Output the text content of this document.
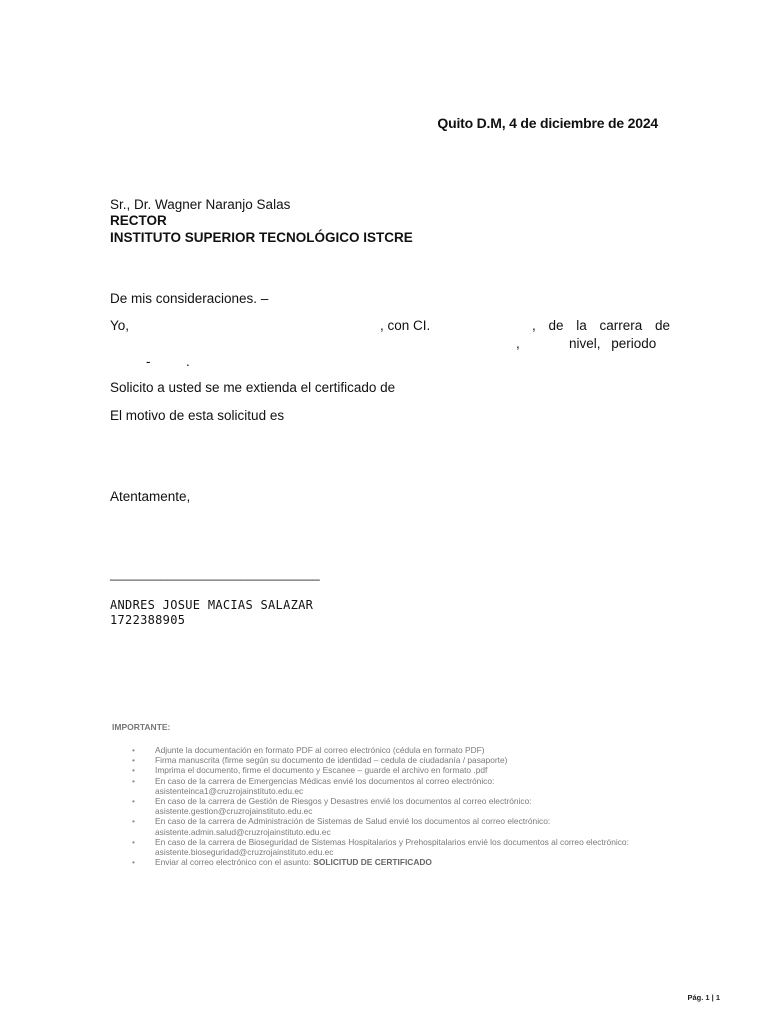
Quito D.M, 4 de diciembre de 2024
Sr., Dr. Wagner Naranjo Salas
RECTOR
INSTITUTO SUPERIOR TECNOLÓGICO ISTCRE
De mis consideraciones. –
Yo,	, con CI.	, de la carrera de
,	nivel, periodo
-	.
Solicito a usted se me extienda el certificado de
El motivo de esta solicitud es
Atentamente,
_____________________________
ANDRES JOSUE MACIAS SALAZAR
1722388905
IMPORTANTE:
• Adjunte la documentación en formato PDF al correo electrónico (cédula en formato PDF)
• Firma manuscrita (firme según su documento de identidad – cedula de ciudadanía / pasaporte)
• Imprima el documento, firme el documento y Escanee – guarde el archivo en formato .pdf
• En caso de la carrera de Emergencias Médicas envié los documentos al correo electrónico:
asistenteinca1@cruzrojainstituto.edu.ec
• En caso de la carrera de Gestión de Riesgos y Desastres envié los documentos al correo electrónico:
asistente.gestion@cruzrojainstituto.edu.ec
• En caso de la carrera de Administración de Sistemas de Salud envié los documentos al correo electrónico:
asistente.admin.salud@cruzrojainstituto.edu.ec
• En caso de la carrera de Bioseguridad de Sistemas Hospitalarios y Prehospitalarios envié los documentos al correo electrónico:
asistente.bioseguridad@cruzrojainstituto.edu.ec
• Enviar al correo electrónico con el asunto: SOLICITUD DE CERTIFICADO
Pág. 1 | 1
